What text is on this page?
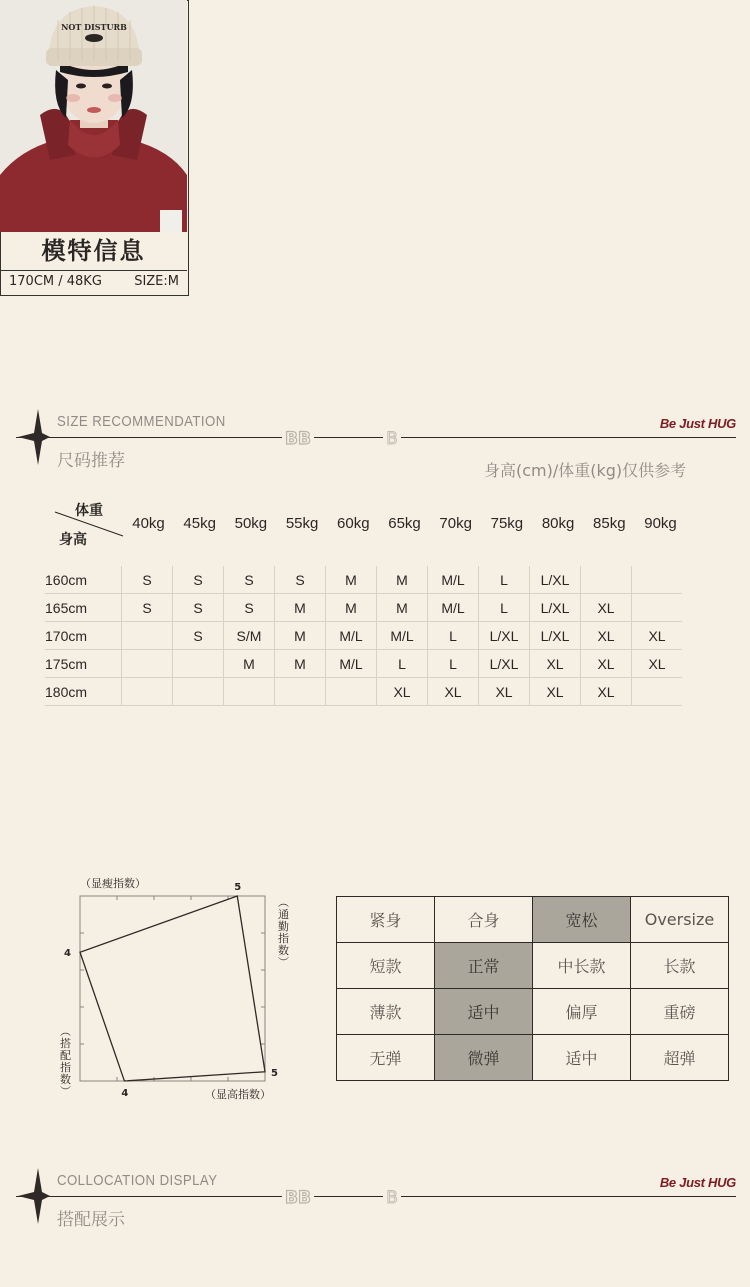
NOT DISTURB
模特信息
170CM / 48KG SIZE:M
SIZE RECOMMENDATION
BB	B
尺码推荐
Be Just HUG
身高(cm)/体重(kg)仅供参考
体重
身高
40kg	45kg	50kg	55kg	60kg	65kg	70kg	75kg	80kg	85kg	90kg
160cm	S	S	S	S	M	M	M/L	L	L/XL		
165cm	S	S	S	M	M	M	M/L	L	L/XL	XL	
170cm		S	S/M	M	M/L	M/L	L	L/XL	L/XL	XL	XL
175cm			M	M	M/L	L	L	L/XL	XL	XL	XL
180cm						XL	XL	XL	XL	XL	
（显瘦指数）
（显高指数）
︵通勤指数︶
︵搭配指数︶
5
5
4
4
紧身	合身	宽松	Oversize
短款	正常	中长款	长款
薄款	适中	偏厚	重磅
无弹	微弹	适中	超弹
COLLOCATION DISPLAY
BB	B
搭配展示
Be Just HUG
